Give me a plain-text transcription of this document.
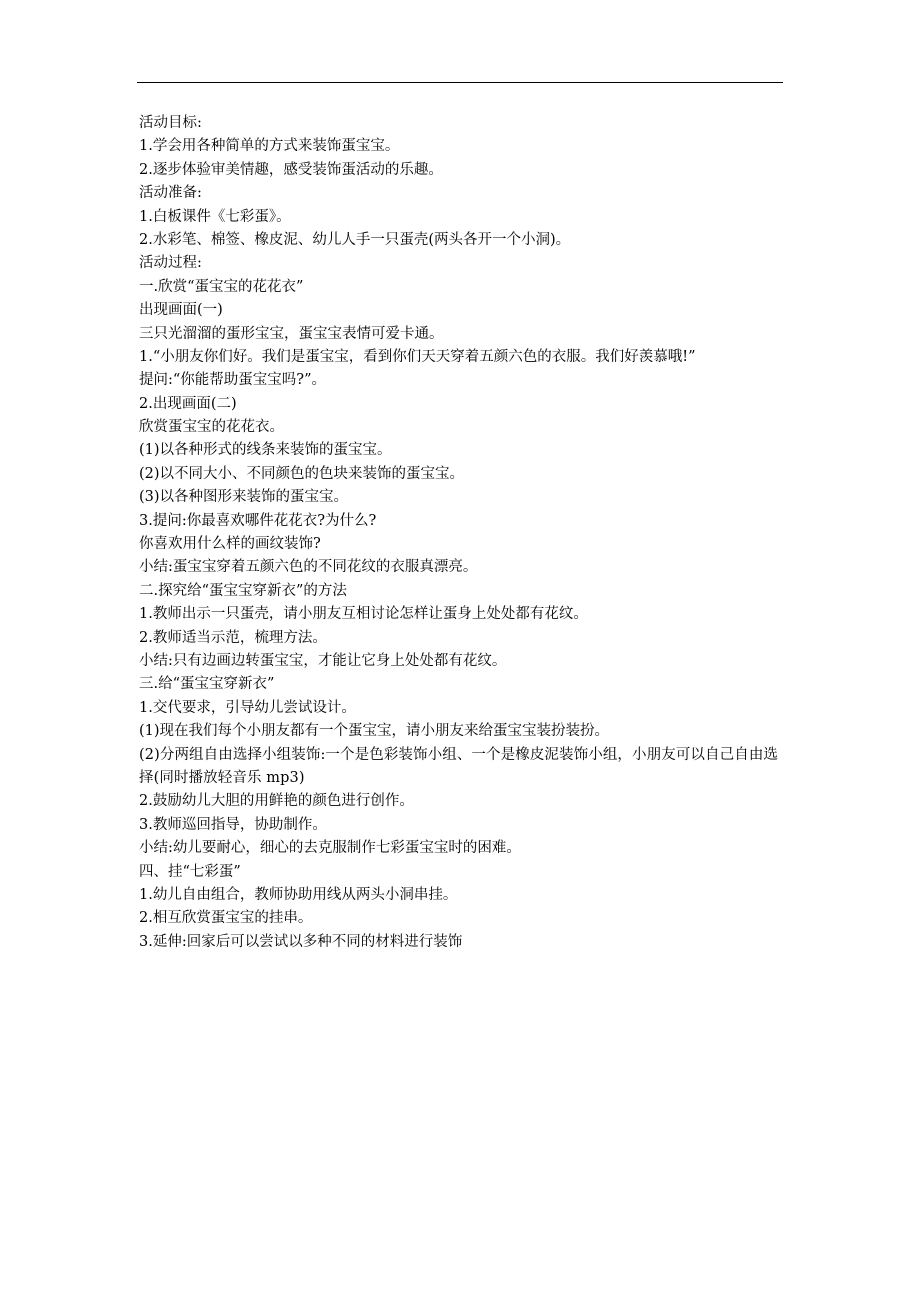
活动目标:
1.学会用各种简单的方式来装饰蛋宝宝。
2.逐步体验审美情趣，感受装饰蛋活动的乐趣。
活动准备:
1.白板课件《七彩蛋》。
2.水彩笔、棉签、橡皮泥、幼儿人手一只蛋壳(两头各开一个小洞)。
活动过程:
一.欣赏“蛋宝宝的花花衣”
出现画面(一)
三只光溜溜的蛋形宝宝，蛋宝宝表情可爱卡通。
1.“小朋友你们好。我们是蛋宝宝，看到你们天天穿着五颜六色的衣服。我们好羡慕哦!”
提问:“你能帮助蛋宝宝吗?”。
2.出现画面(二)
欣赏蛋宝宝的花花衣。
(1)以各种形式的线条来装饰的蛋宝宝。
(2)以不同大小、不同颜色的色块来装饰的蛋宝宝。
(3)以各种图形来装饰的蛋宝宝。
3.提问:你最喜欢哪件花花衣?为什么?
你喜欢用什么样的画纹装饰?
小结:蛋宝宝穿着五颜六色的不同花纹的衣服真漂亮。
二.探究给“蛋宝宝穿新衣”的方法
1.教师出示一只蛋壳，请小朋友互相讨论怎样让蛋身上处处都有花纹。
2.教师适当示范，梳理方法。
小结:只有边画边转蛋宝宝，才能让它身上处处都有花纹。
三.给“蛋宝宝穿新衣”
1.交代要求，引导幼儿尝试设计。
(1)现在我们每个小朋友都有一个蛋宝宝，请小朋友来给蛋宝宝装扮装扮。
(2)分两组自由选择小组装饰:一个是色彩装饰小组、一个是橡皮泥装饰小组，小朋友可以自己自由选择(同时播放轻音乐 mp3)
2.鼓励幼儿大胆的用鲜艳的颜色进行创作。
3.教师巡回指导，协助制作。
小结:幼儿要耐心，细心的去克服制作七彩蛋宝宝时的困难。
四、挂“七彩蛋”
1.幼儿自由组合，教师协助用线从两头小洞串挂。
2.相互欣赏蛋宝宝的挂串。
3.延伸:回家后可以尝试以多种不同的材料进行装饰
